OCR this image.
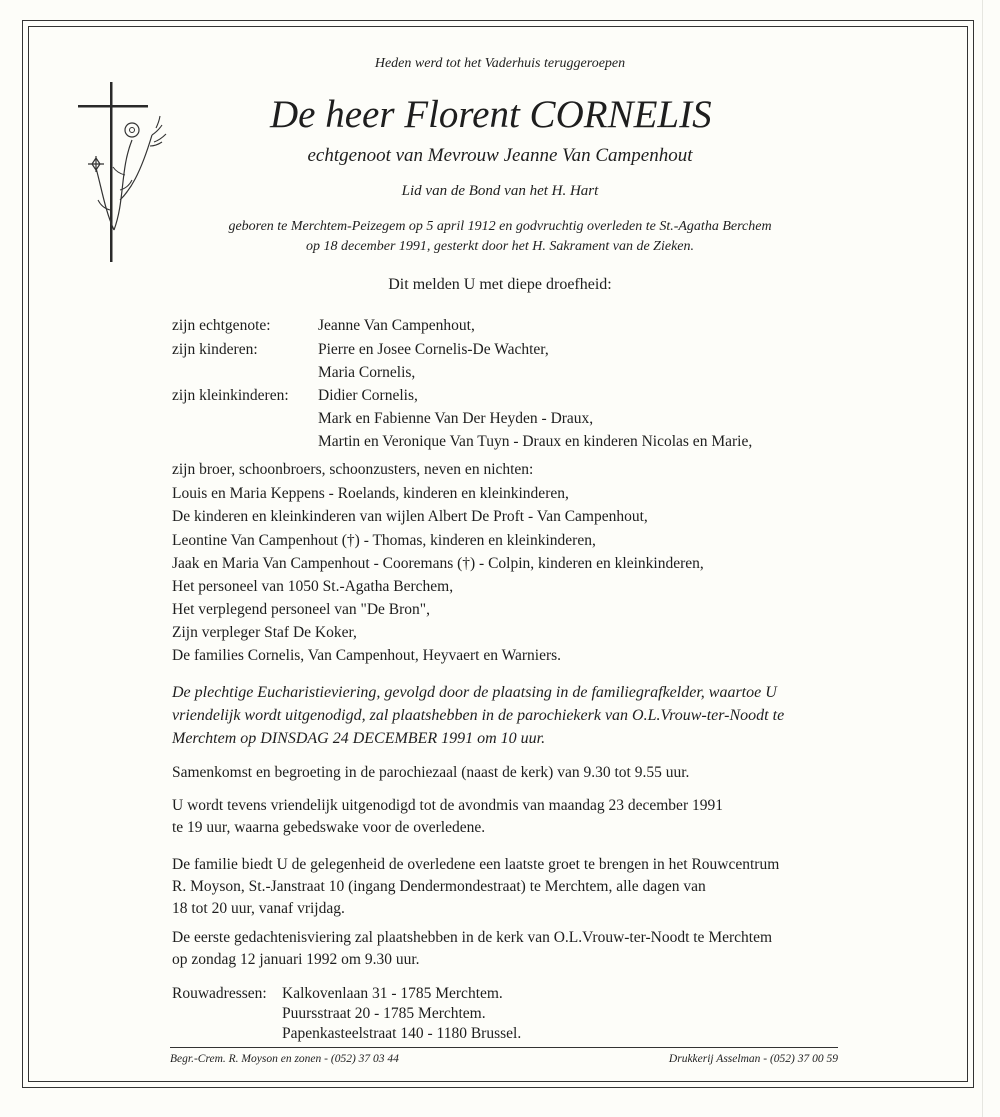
Heden werd tot het Vaderhuis teruggeroepen
De heer Florent CORNELIS
echtgenoot van Mevrouw Jeanne Van Campenhout
Lid van de Bond van het H. Hart
geboren te Merchtem-Peizegem op 5 april 1912 en godvruchtig overleden te St.-Agatha Berchem
op 18 december 1991, gesterkt door het H. Sakrament van de Zieken.
Dit melden U met diepe droefheid:
zijn echtgenote:	Jeanne Van Campenhout,
zijn kinderen:	Pierre en Josee Cornelis-De Wachter,
Maria Cornelis,
zijn kleinkinderen: Didier Cornelis,
Mark en Fabienne Van Der Heyden - Draux,
Martin en Veronique Van Tuyn - Draux en kinderen Nicolas en Marie,
zijn broer, schoonbroers, schoonzusters, neven en nichten:
Louis en Maria Keppens - Roelands, kinderen en kleinkinderen,
De kinderen en kleinkinderen van wijlen Albert De Proft - Van Campenhout,
Leontine Van Campenhout (†) - Thomas, kinderen en kleinkinderen,
Jaak en Maria Van Campenhout - Cooremans (†) - Colpin, kinderen en kleinkinderen,
Het personeel van 1050 St.-Agatha Berchem,
Het verplegend personeel van "De Bron",
Zijn verpleger Staf De Koker,
De families Cornelis, Van Campenhout, Heyvaert en Warniers.
De plechtige Eucharistieviering, gevolgd door de plaatsing in de familiegrafkelder, waartoe U
vriendelijk wordt uitgenodigd, zal plaatshebben in de parochiekerk van O.L.Vrouw-ter-Noodt te
Merchtem op DINSDAG 24 DECEMBER 1991 om 10 uur.
Samenkomst en begroeting in de parochiezaal (naast de kerk) van 9.30 tot 9.55 uur.
U wordt tevens vriendelijk uitgenodigd tot de avondmis van maandag 23 december 1991
te 19 uur, waarna gebedswake voor de overledene.
De familie biedt U de gelegenheid de overledene een laatste groet te brengen in het Rouwcentrum
R. Moyson, St.-Janstraat 10 (ingang Dendermondestraat) te Merchtem, alle dagen van
18 tot 20 uur, vanaf vrijdag.
De eerste gedachtenisviering zal plaatshebben in de kerk van O.L.Vrouw-ter-Noodt te Merchtem
op zondag 12 januari 1992 om 9.30 uur.
Rouwadressen: Kalkovenlaan 31 - 1785 Merchtem.
Puursstraat 20 - 1785 Merchtem.
Papenkasteelstraat 140 - 1180 Brussel.
Begr.-Crem. R. Moyson en zonen - (052) 37 03 44	Drukkerij Asselman - (052) 37 00 59
